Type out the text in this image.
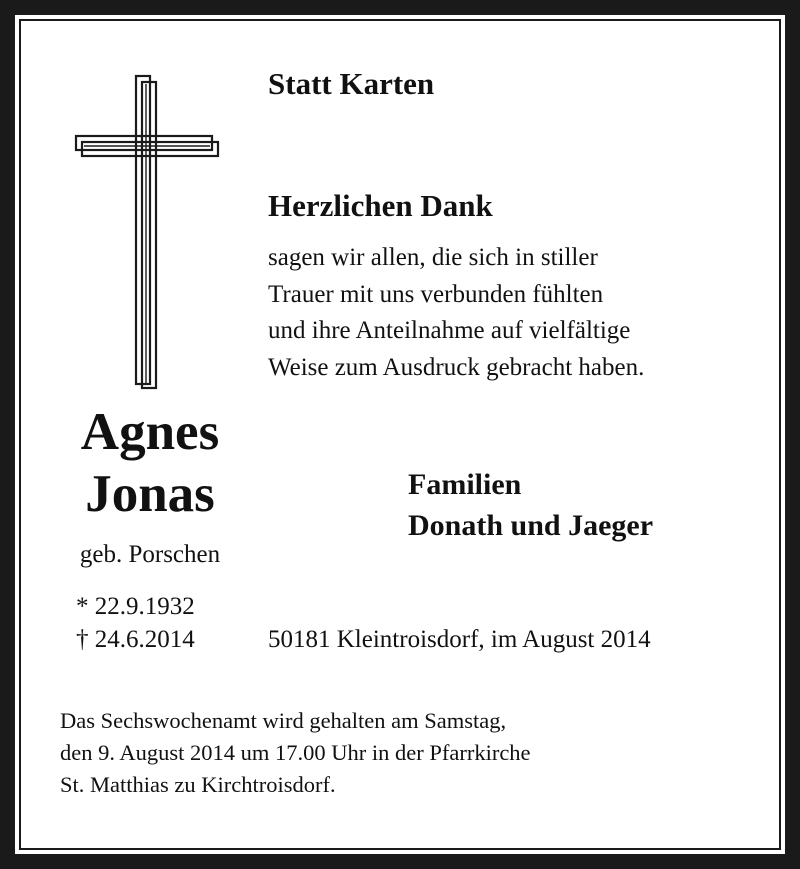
Statt Karten

Herzlichen Dank

sagen wir allen, die sich in stiller
Trauer mit uns verbunden fühlten
und ihre Anteilnahme auf vielfältige
Weise zum Ausdruck gebracht haben.

Agnes

Jonas

geb. Porschen

* 22.9.1932

† 24.6.2014

Familien
Donath und Jaeger

50181 Kleintroisdorf, im August 2014

Das Sechswochenamt wird gehalten am Samstag,
den 9. August 2014 um 17.00 Uhr in der Pfarrkirche
St. Matthias zu Kirchtroisdorf.
